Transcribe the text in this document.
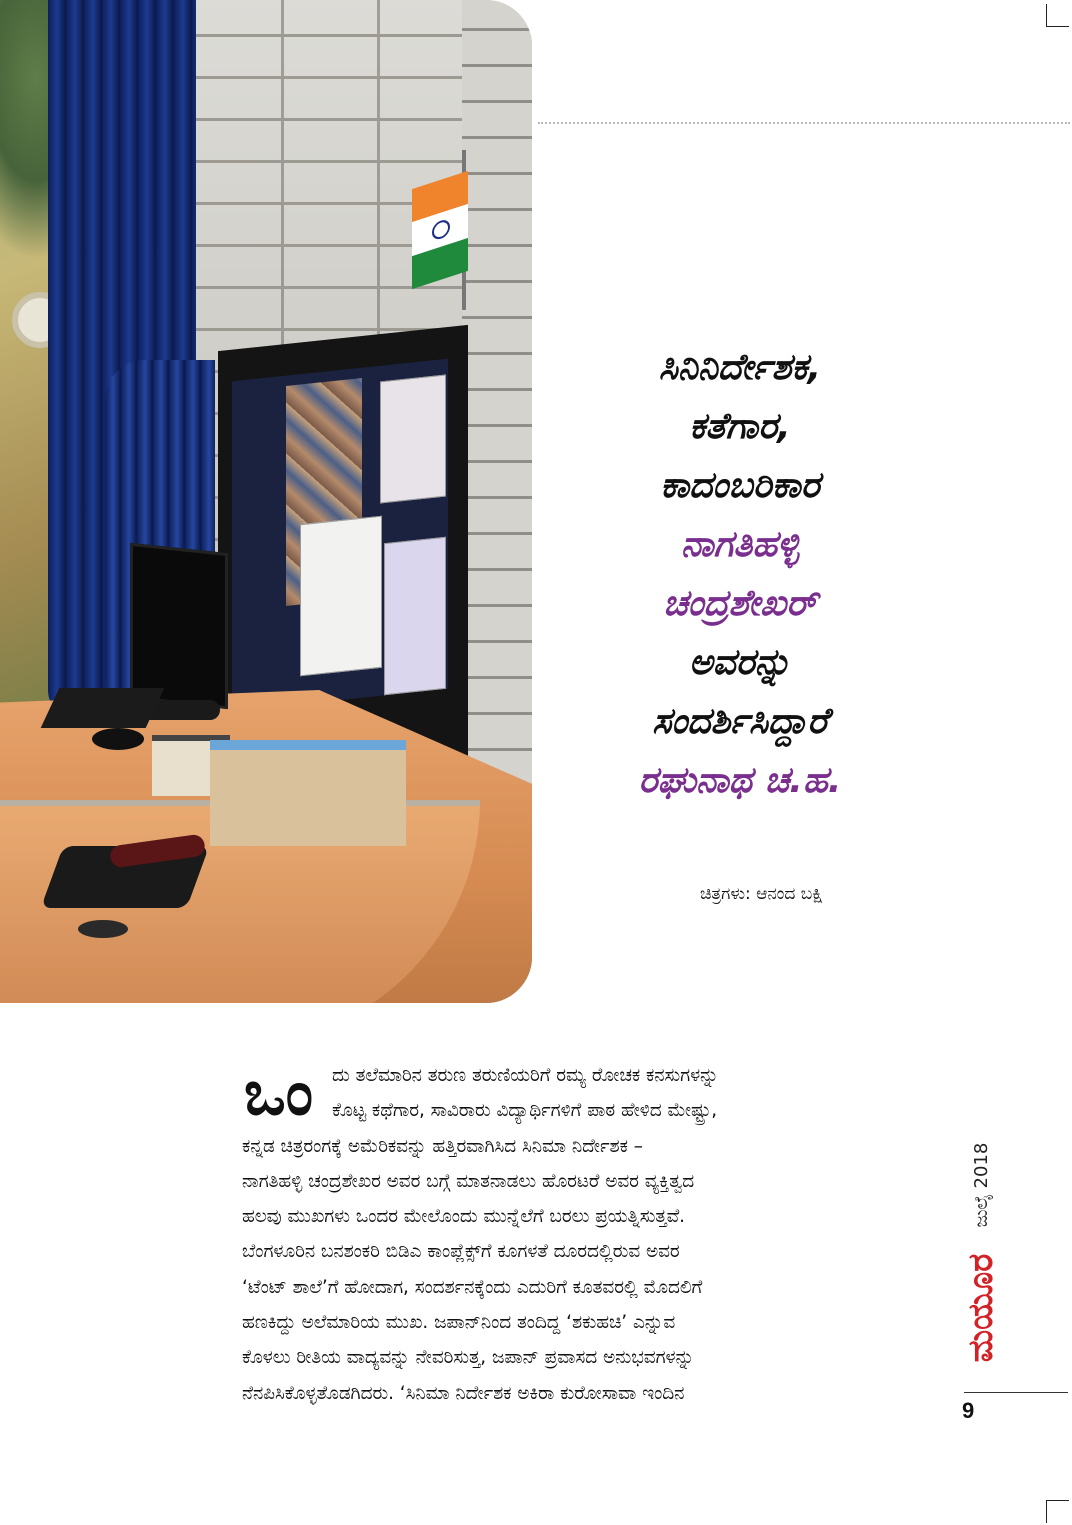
ಸಿನಿನಿರ್ದೇಶಕ,
ಕತೆಗಾರ,
ಕಾದಂಬರಿಕಾರ
ನಾಗತಿಹಳ್ಳಿ
ಚಂದ್ರಶೇಖರ್
ಅವರನ್ನು
ಸಂದರ್ಶಿಸಿದ್ದಾರೆ
ರಘುನಾಥ ಚ.ಹ.
ಚಿತ್ರಗಳು: ಆನಂದ ಬಕ್ಷಿ
ಒಂ	ದು ತಲೆಮಾರಿನ ತರುಣ ತರುಣಿಯರಿಗೆ ರಮ್ಯ ರೋಚಕ ಕನಸುಗಳನ್ನು
ಕೊಟ್ಟ ಕಥೆಗಾರ, ಸಾವಿರಾರು ವಿದ್ಯಾರ್ಥಿಗಳಿಗೆ ಪಾಠ ಹೇಳಿದ ಮೇಷ್ಟ್ರು,
ಕನ್ನಡ ಚಿತ್ರರಂಗಕ್ಕೆ ಅಮೆರಿಕವನ್ನು ಹತ್ತಿರವಾಗಿಸಿದ ಸಿನಿಮಾ ನಿರ್ದೇಶಕ –
ನಾಗತಿಹಳ್ಳಿ ಚಂದ್ರಶೇಖರ ಅವರ ಬಗ್ಗೆ ಮಾತನಾಡಲು ಹೊರಟರೆ ಅವರ ವ್ಯಕ್ತಿತ್ವದ
ಹಲವು ಮುಖಗಳು ಒಂದರ ಮೇಲೊಂದು ಮುನ್ನೆಲೆಗೆ ಬರಲು ಪ್ರಯತ್ನಿಸುತ್ತವೆ.
ಬೆಂಗಳೂರಿನ ಬನಶಂಕರಿ ಬಿಡಿಎ ಕಾಂಪ್ಲೆಕ್ಸ್‌ಗೆ ಕೂಗಳತೆ ದೂರದಲ್ಲಿರುವ ಅವರ
‘ಟೆಂಟ್ ಶಾಲೆ’ಗೆ ಹೋದಾಗ, ಸಂದರ್ಶನಕ್ಕೆಂದು ಎದುರಿಗೆ ಕೂತವರಲ್ಲಿ ಮೊದಲಿಗೆ
ಹಣಕಿದ್ದು ಅಲೆಮಾರಿಯ ಮುಖ. ಜಪಾನ್‌ನಿಂದ ತಂದಿದ್ದ ‘ಶಕುಹಚಿ’ ಎನ್ನುವ
ಕೊಳಲು ರೀತಿಯ ವಾದ್ಯವನ್ನು ನೇವರಿಸುತ್ತ, ಜಪಾನ್ ಪ್ರವಾಸದ ಅನುಭವಗಳನ್ನು
ನೆನಪಿಸಿಕೊಳ್ಳತೊಡಗಿದರು. ‘ಸಿನಿಮಾ ನಿರ್ದೇಶಕ ಅಕಿರಾ ಕುರೋಸಾವಾ ಇಂದಿನ
ಜುಲೈ 2018
ಮಯೂರ
9
